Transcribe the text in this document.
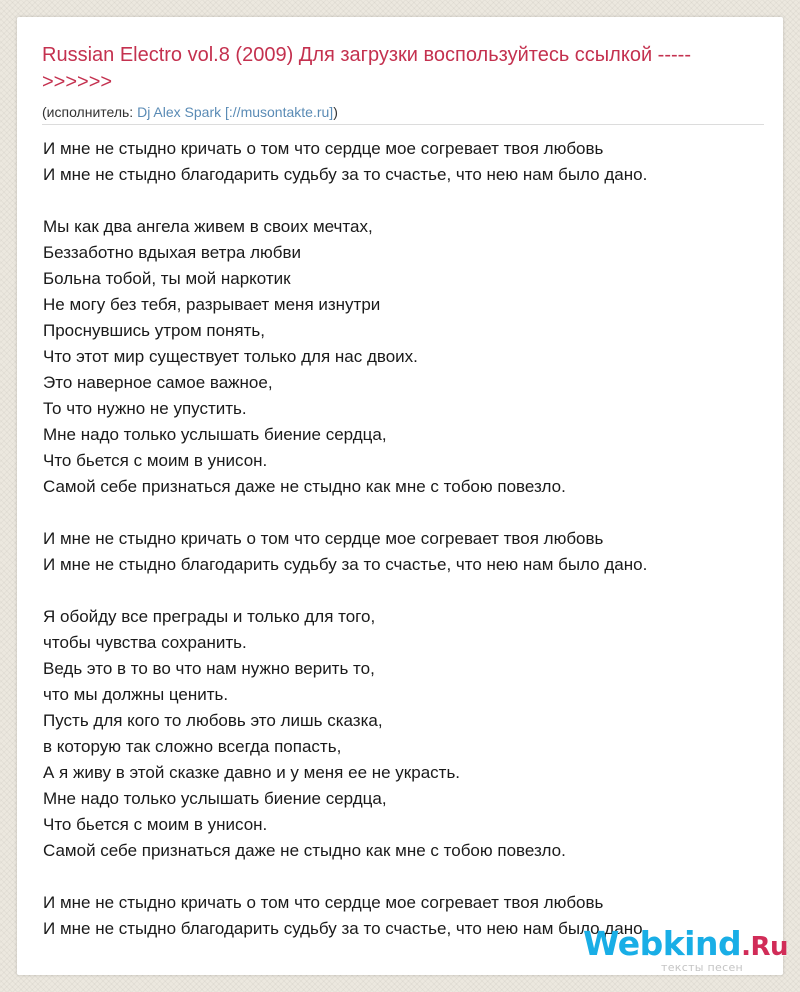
Russian Electro vol.8 (2009) Для загрузки воспользуйтесь ссылкой ----->>>>>>
(исполнитель: Dj Alex Spark [://musontakte.ru])
И мне не стыдно кричать о том что сердце мое согревает твоя любовь
И мне не стыдно благодарить судьбу за то счастье, что нею нам было дано.
Мы как два ангела живем в своих мечтах,
Беззаботно вдыхая ветра любви
Больна тобой, ты мой наркотик
Не могу без тебя, разрывает меня изнутри
Проснувшись утром понять,
Что этот мир существует только для нас двоих.
Это наверное самое важное,
То что нужно не упустить.
Мне надо только услышать биение сердца,
Что бьется с моим в унисон.
Самой себе признаться даже не стыдно как мне с тобою повезло.
И мне не стыдно кричать о том что сердце мое согревает твоя любовь
И мне не стыдно благодарить судьбу за то счастье, что нею нам было дано.
Я обойду все преграды и только для того,
чтобы чувства сохранить.
Ведь это в то во что нам нужно верить то,
что мы должны ценить.
Пусть для кого то любовь это лишь сказка,
в которую так сложно всегда попасть,
А я живу в этой сказке давно и у меня ее не украсть.
Мне надо только услышать биение сердца,
Что бьется с моим в унисон.
Самой себе признаться даже не стыдно как мне с тобою повезло.
И мне не стыдно кричать о том что сердце мое согревает твоя любовь
И мне не стыдно благодарить судьбу за то счастье, что нею нам было дано.
Webkind.Ru
тексты песен
